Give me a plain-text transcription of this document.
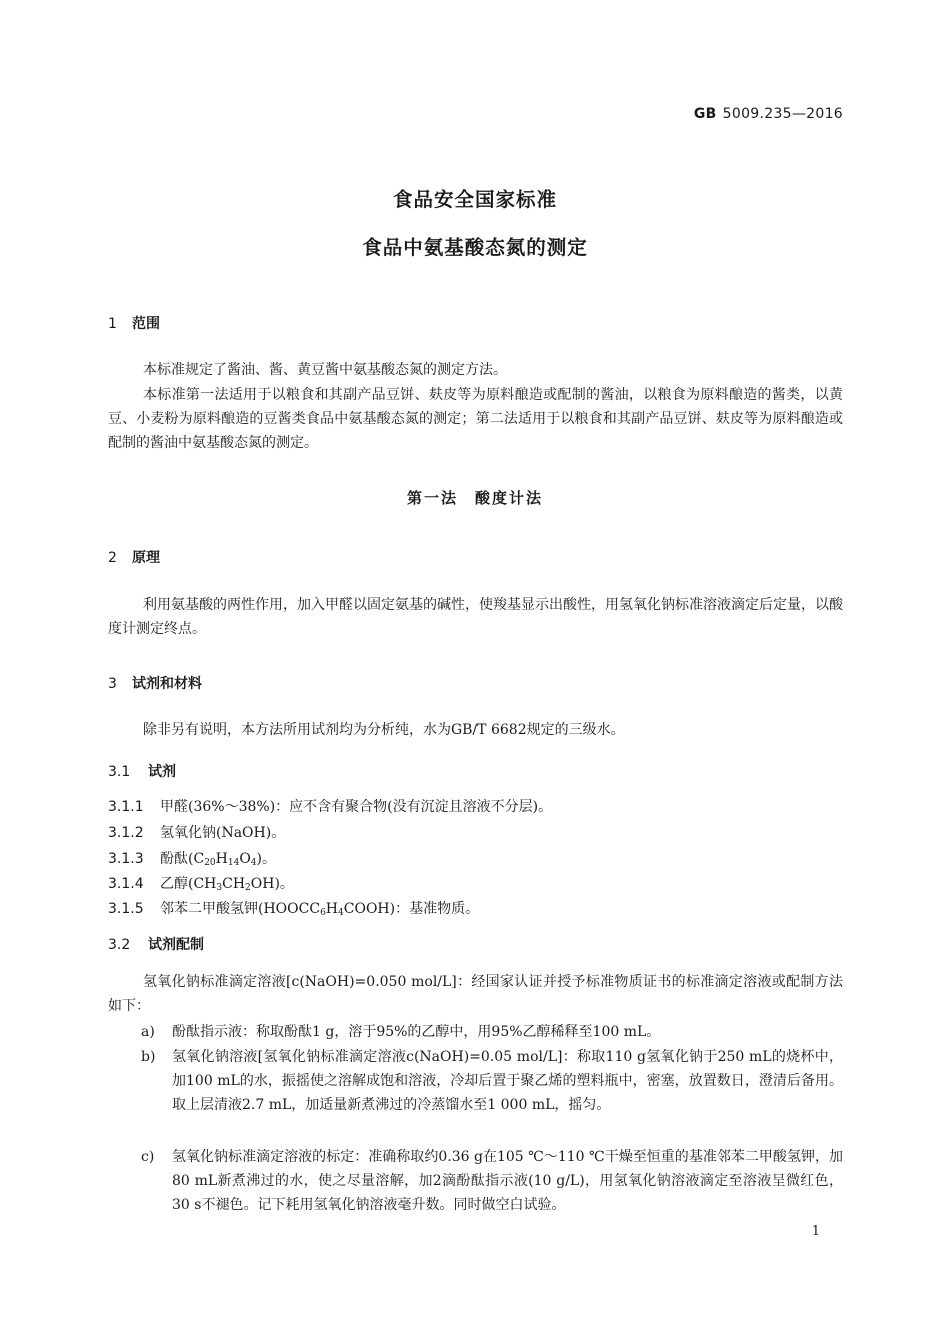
GB 5009.235—2016
食品安全国家标准
食品中氨基酸态氮的测定
1 范围
本标准规定了酱油、酱、黄豆酱中氨基酸态氮的测定方法。
本标准第一法适用于以粮食和其副产品豆饼、麸皮等为原料酿造或配制的酱油，以粮食为原料酿造的酱类，以黄豆、小麦粉为原料酿造的豆酱类食品中氨基酸态氮的测定；第二法适用于以粮食和其副产品豆饼、麸皮等为原料酿造或配制的酱油中氨基酸态氮的测定。
第一法　酸度计法
2 原理
利用氨基酸的两性作用，加入甲醛以固定氨基的碱性，使羧基显示出酸性，用氢氧化钠标准溶液滴定后定量，以酸度计测定终点。
3 试剂和材料
除非另有说明，本方法所用试剂均为分析纯，水为GB/T 6682规定的三级水。
3.1 试剂
3.1.1 甲醛(36%～38%)：应不含有聚合物(没有沉淀且溶液不分层)。
3.1.2 氢氧化钠(NaOH)。
3.1.3 酚酞$(C_{20}H_{14}O_4)$。
3.1.4 乙醇$(CH_3CH_2OH)$。
3.1.5 邻苯二甲酸氢钾$(HOOCC_6H_4COOH)$：基准物质。
3.2 试剂配制
氢氧化钠标准滴定溶液[c(NaOH)=0.050 mol/L]：经国家认证并授予标准物质证书的标准滴定溶液或配制方法如下：
a) 酚酞指示液：称取酚酞1 g，溶于95%的乙醇中，用95%乙醇稀释至100 mL。
b) 氢氧化钠溶液[氢氧化钠标准滴定溶液c(NaOH)=0.05 mol/L]：称取110 g氢氧化钠于250 mL的烧杯中，加100 mL的水，振摇使之溶解成饱和溶液，冷却后置于聚乙烯的塑料瓶中，密塞，放置数日，澄清后备用。取上层清液2.7 mL，加适量新煮沸过的冷蒸馏水至1 000 mL，摇匀。
c) 氢氧化钠标准滴定溶液的标定：准确称取约0.36 g在105 ℃～110 ℃干燥至恒重的基准邻苯二甲酸氢钾，加80 mL新煮沸过的水，使之尽量溶解，加2滴酚酞指示液(10 g/L)，用氢氧化钠溶液滴定至溶液呈微红色，30 s不褪色。记下耗用氢氧化钠溶液毫升数。同时做空白试验。
1
